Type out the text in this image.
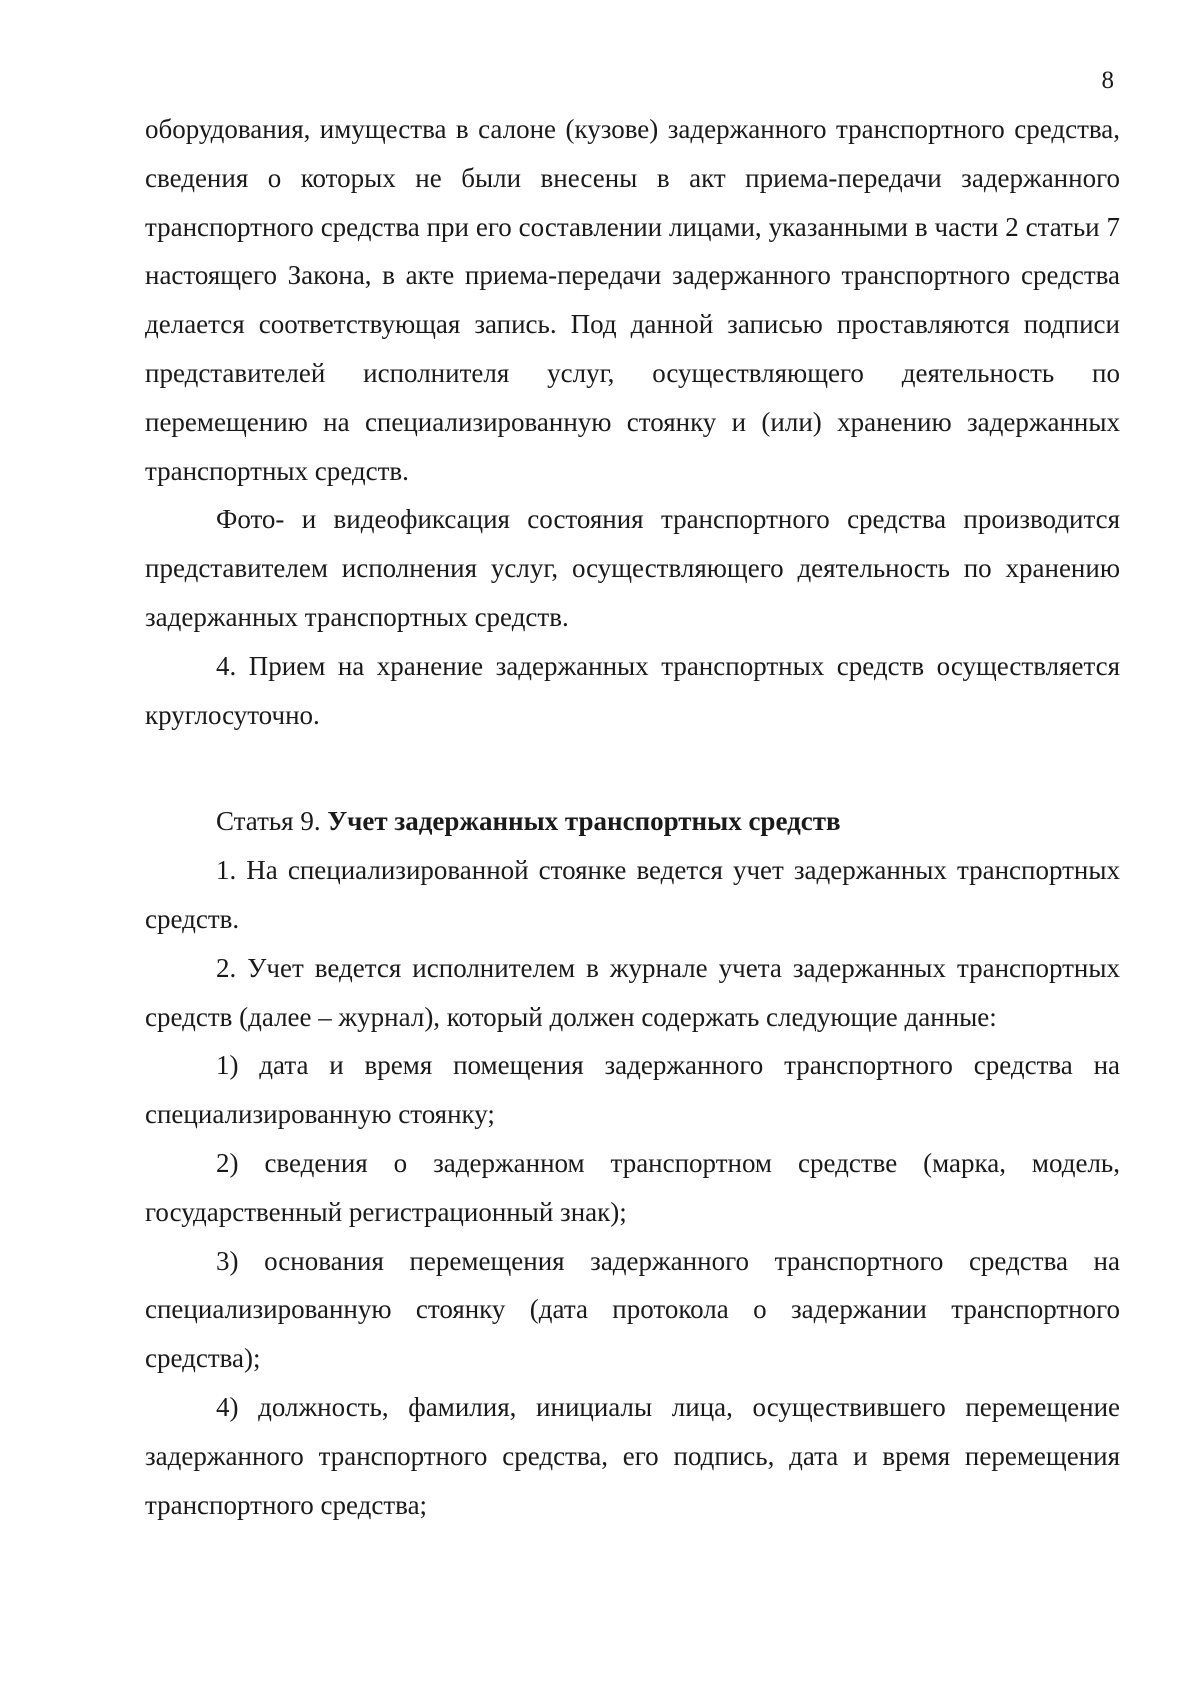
8

оборудования, имущества в салоне (кузове) задержанного транспортного средства, сведения о которых не были внесены в акт приема-передачи задержанного транспортного средства при его составлении лицами, указанными в части 2 статьи 7 настоящего Закона, в акте приема-передачи задержанного транспортного средства делается соответствующая запись. Под данной записью проставляются подписи представителей исполнителя услуг, осуществляющего деятельность по перемещению на специализированную стоянку и (или) хранению задержанных транспортных средств.

Фото- и видеофиксация состояния транспортного средства производится представителем исполнения услуг, осуществляющего деятельность по хранению задержанных транспортных средств.

4. Прием на хранение задержанных транспортных средств осуществляется круглосуточно.

Статья 9. Учет задержанных транспортных средств

1. На специализированной стоянке ведется учет задержанных транспортных средств.

2. Учет ведется исполнителем в журнале учета задержанных транспортных средств (далее – журнал), который должен содержать следующие данные:

1) дата и время помещения задержанного транспортного средства на специализированную стоянку;

2) сведения о задержанном транспортном средстве (марка, модель, государственный регистрационный знак);

3) основания перемещения задержанного транспортного средства на специализированную стоянку (дата протокола о задержании транспортного средства);

4) должность, фамилия, инициалы лица, осуществившего перемещение задержанного транспортного средства, его подпись, дата и время перемещения транспортного средства;
